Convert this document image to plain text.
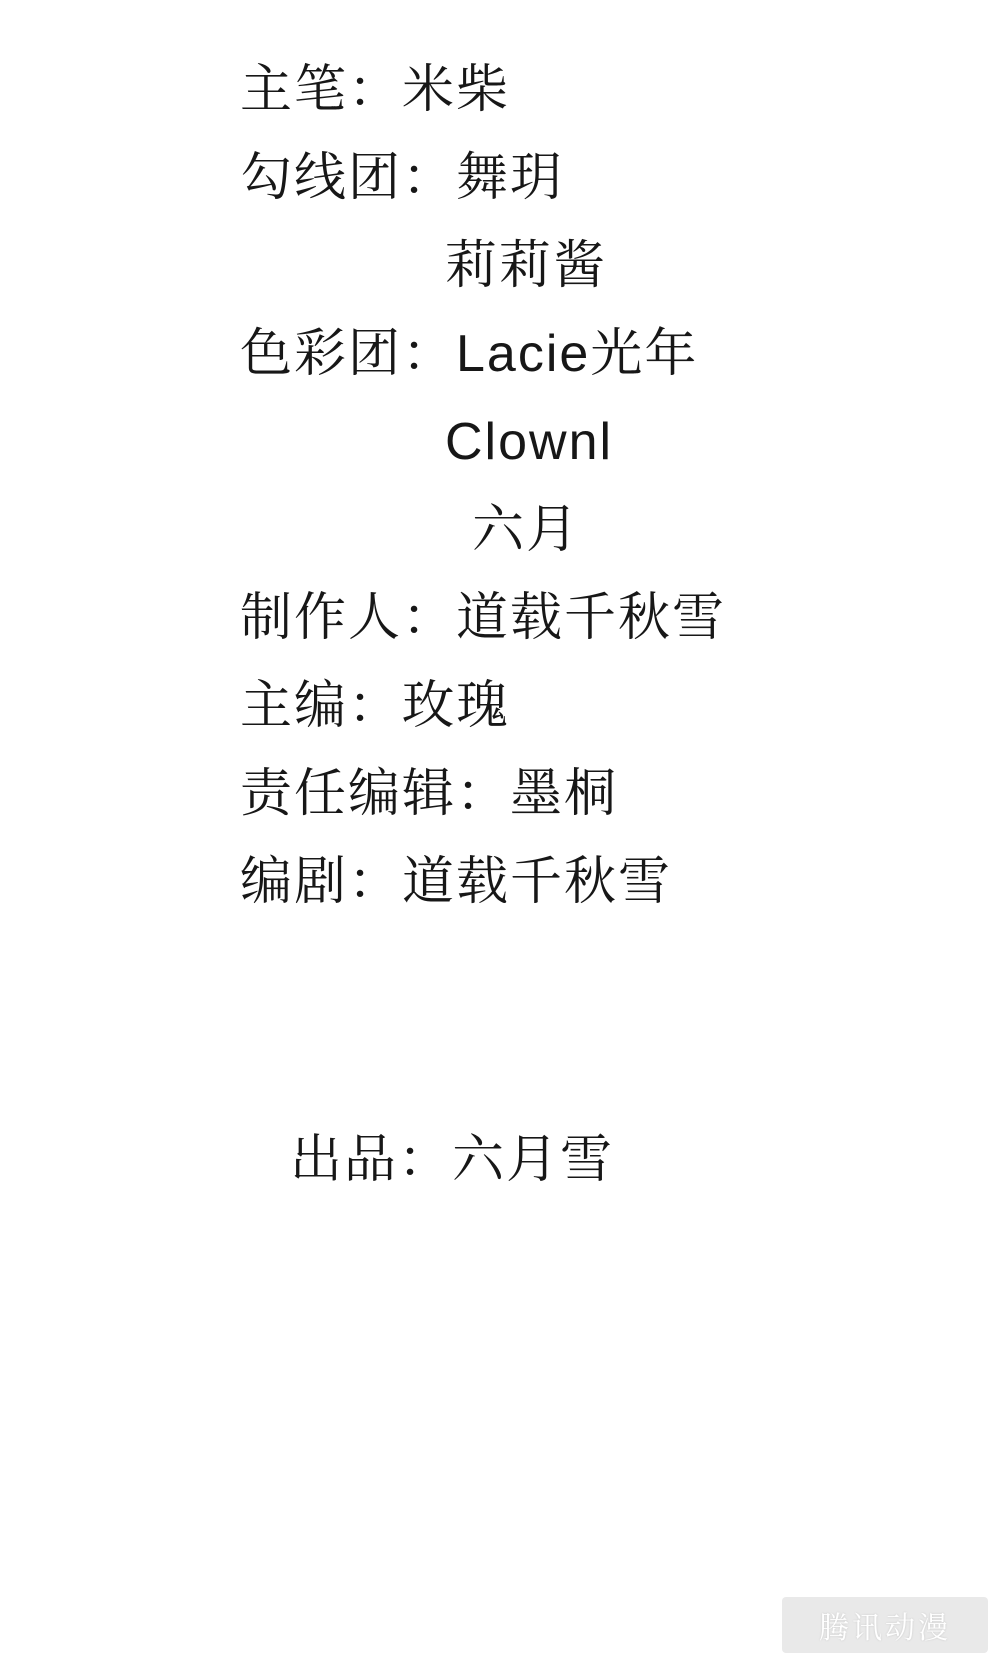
主笔： 米柴
勾线团： 舞玥
莉莉酱
色彩团： Lacie光年
Clownl
六月
制作人： 道载千秋雪
主编： 玫瑰
责任编辑： 墨桐
编剧： 道载千秋雪
出品：六月雪
腾讯动漫
